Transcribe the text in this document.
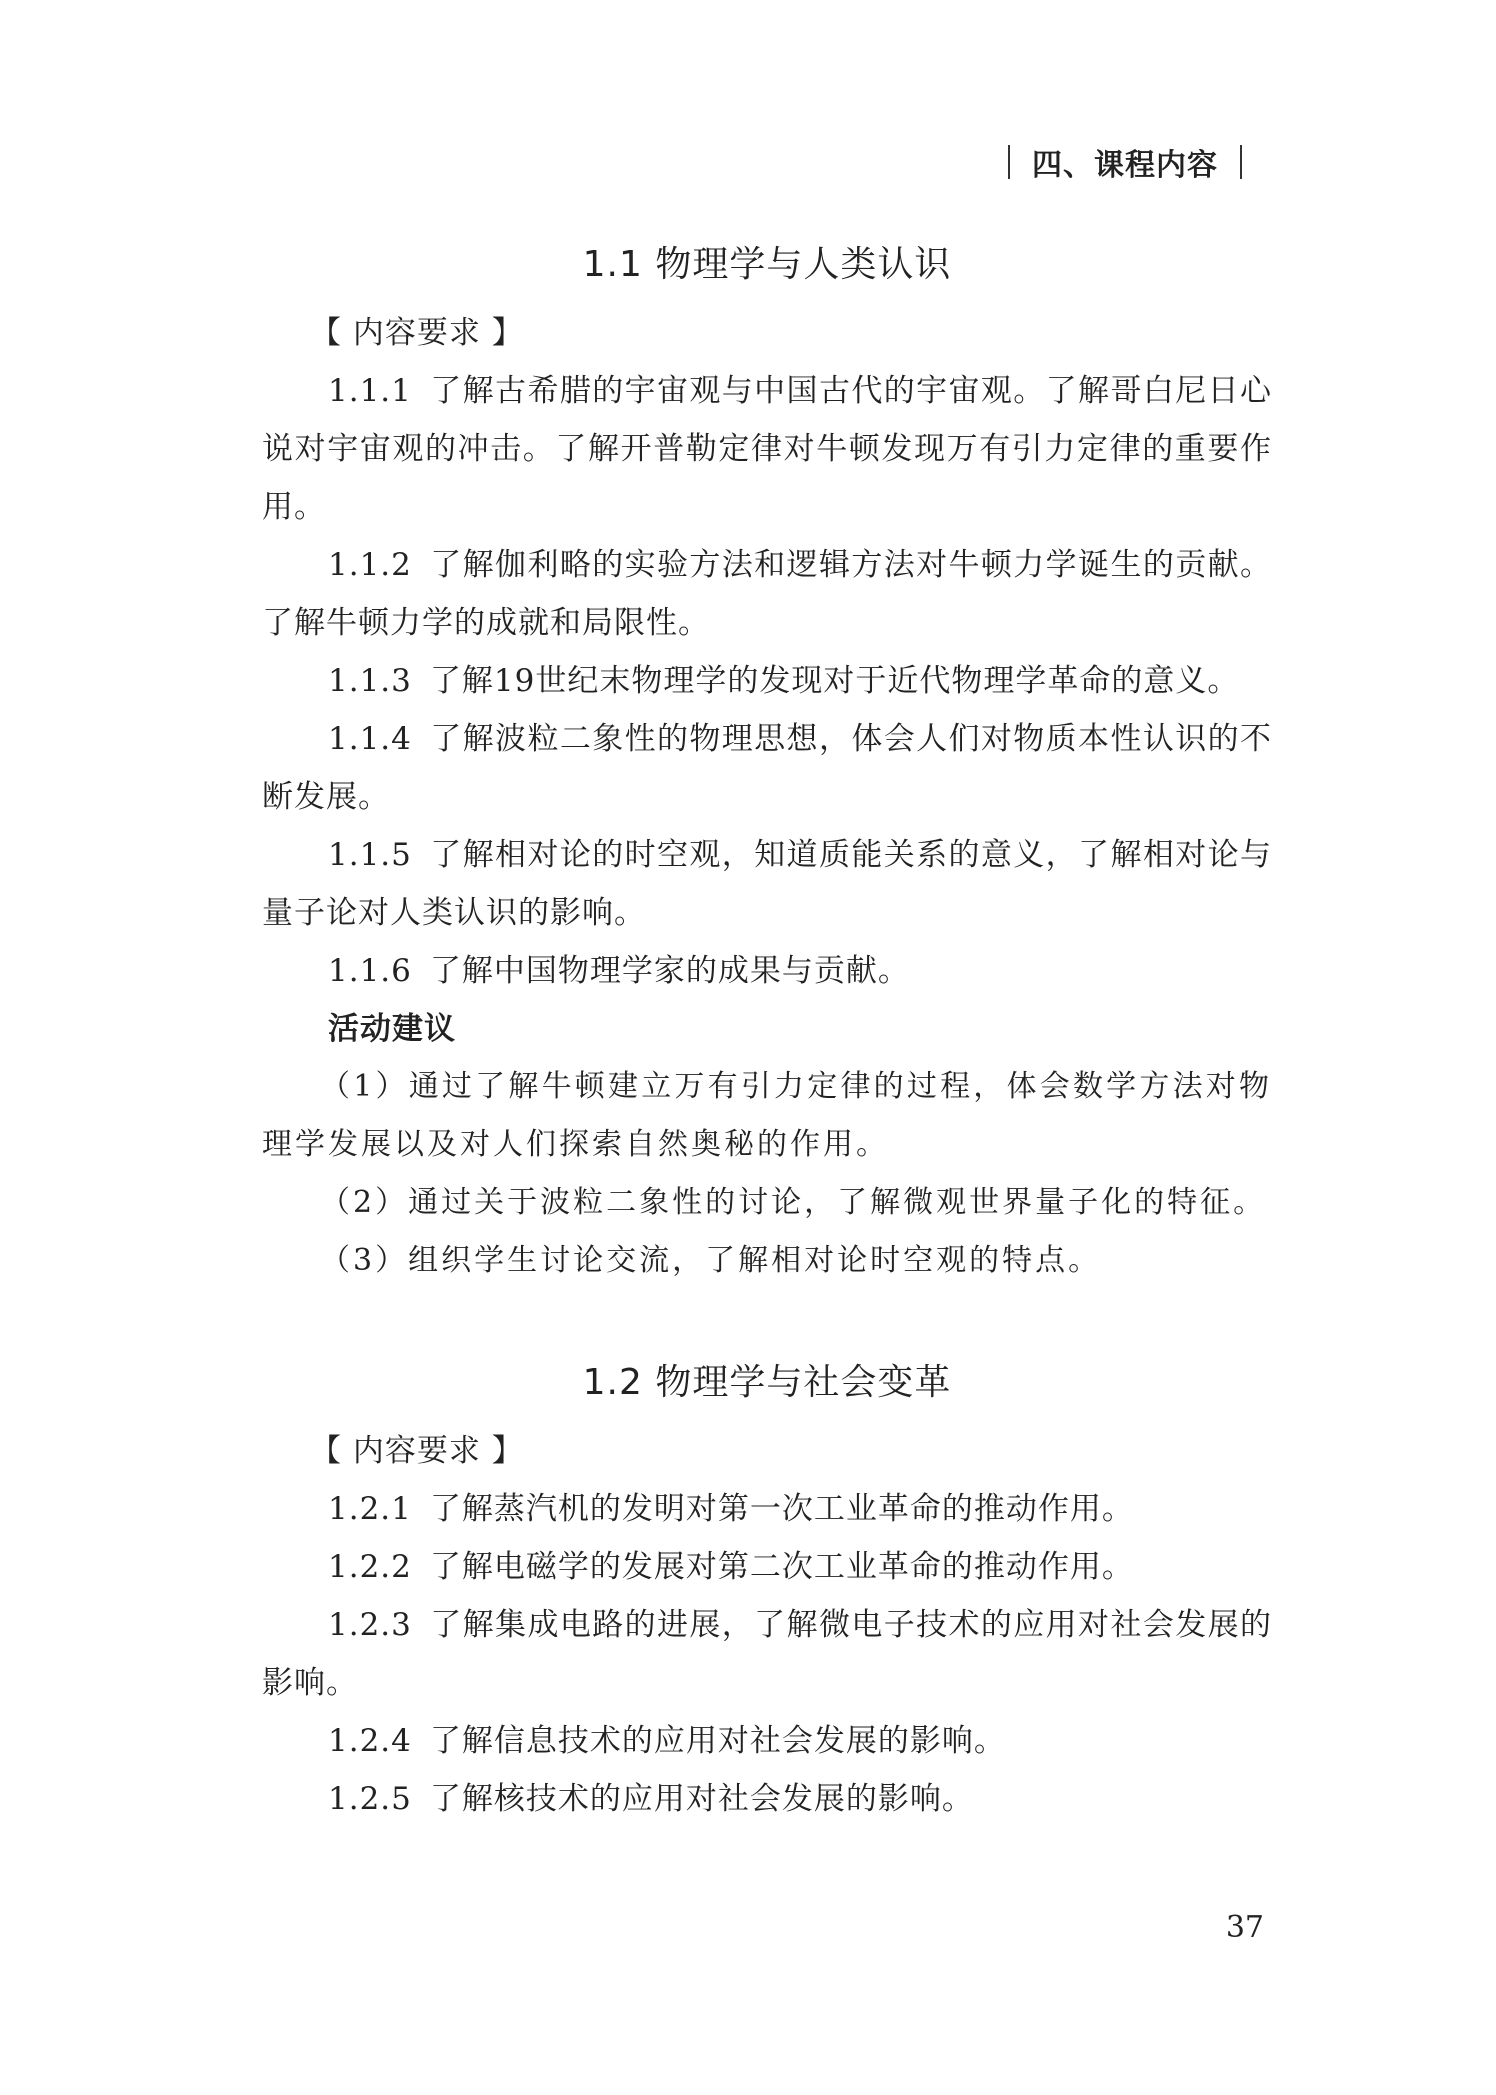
四、课程内容
1.1 物理学与人类认识
【 内容要求 】

1.1.1 了解古希腊的宇宙观与中国古代的宇宙观。了解哥白尼日心说对宇宙观的冲击。了解开普勒定律对牛顿发现万有引力定律的重要作用。

1.1.2 了解伽利略的实验方法和逻辑方法对牛顿力学诞生的贡献。了解牛顿力学的成就和局限性。

1.1.3 了解19世纪末物理学的发现对于近代物理学革命的意义。

1.1.4 了解波粒二象性的物理思想，体会人们对物质本性认识的不断发展。

1.1.5 了解相对论的时空观，知道质能关系的意义，了解相对论与量子论对人类认识的影响。

1.1.6 了解中国物理学家的成果与贡献。

活动建议

（1）通过了解牛顿建立万有引力定律的过程，体会数学方法对物理学发展以及对人们探索自然奥秘的作用。

（2）通过关于波粒二象性的讨论，了解微观世界量子化的特征。

（3）组织学生讨论交流，了解相对论时空观的特点。

1.2 物理学与社会变革
【 内容要求 】

1.2.1 了解蒸汽机的发明对第一次工业革命的推动作用。

1.2.2 了解电磁学的发展对第二次工业革命的推动作用。

1.2.3 了解集成电路的进展，了解微电子技术的应用对社会发展的影响。

1.2.4 了解信息技术的应用对社会发展的影响。

1.2.5 了解核技术的应用对社会发展的影响。

37
